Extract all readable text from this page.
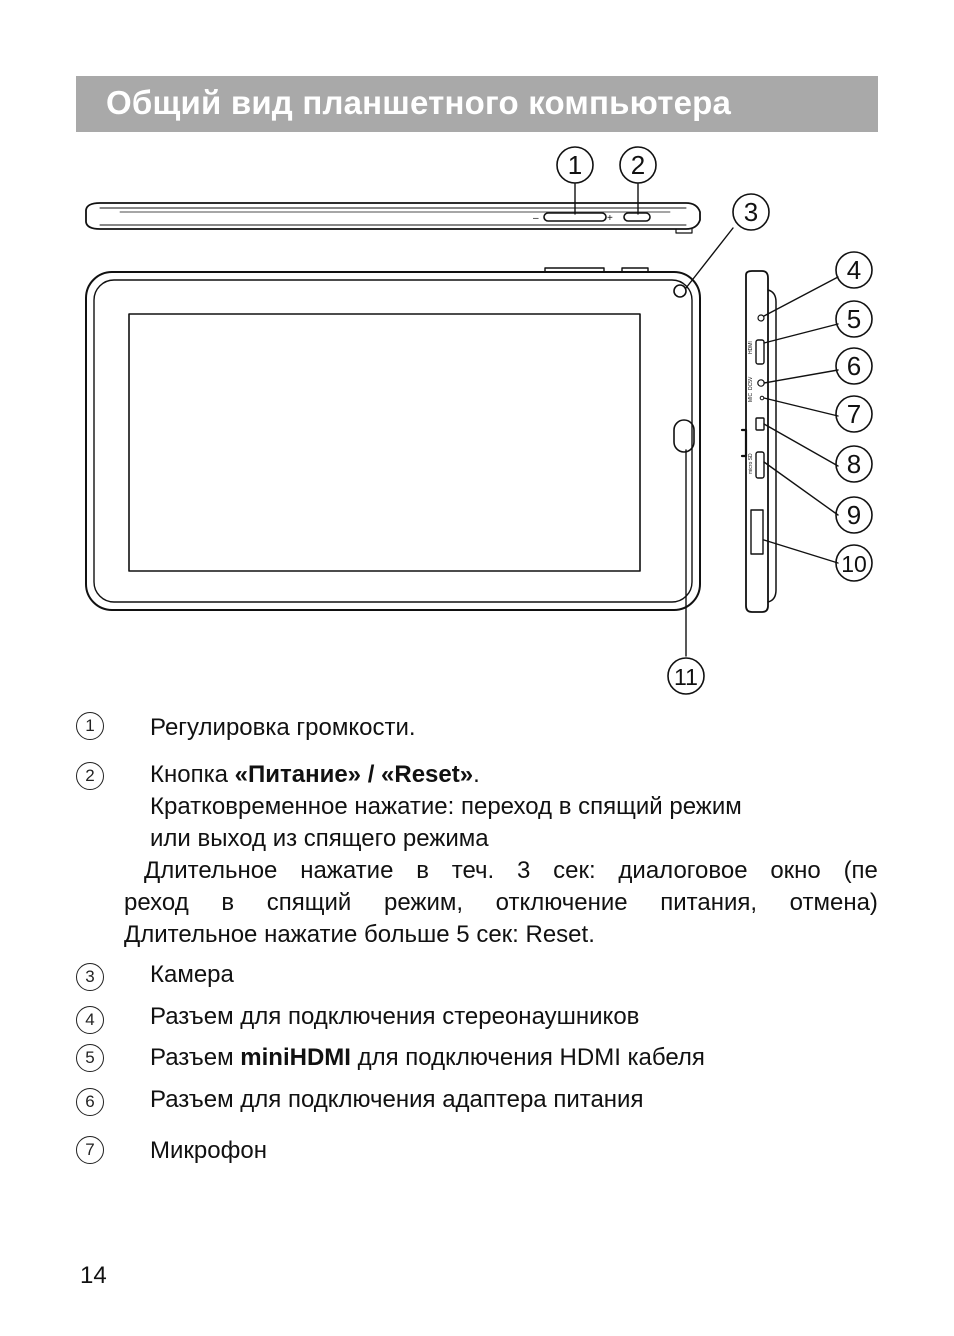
Общий вид планшетного компьютера
1 2
3
4
5
6
7
8
9
10
11
–	+
HDMI
DC5V
MIC
micro SD
1	Регулировка громкости.
2	Кнопка «Питание» / «Reset».
Кратковременное нажатие: переход в спящий режим
или выход из спящего режима
Длительное нажатие в теч. 3 сек: диалоговое окно (пе
реход в спящий режим, отключение питания, отмена)
Длительное нажатие больше 5 сек: Reset.
3	Камера
4	Разъем для подключения стереонаушников
5	Разъем miniHDMI для подключения HDMI кабеля
6	Разъем для подключения адаптера питания
7	Микрофон
14
